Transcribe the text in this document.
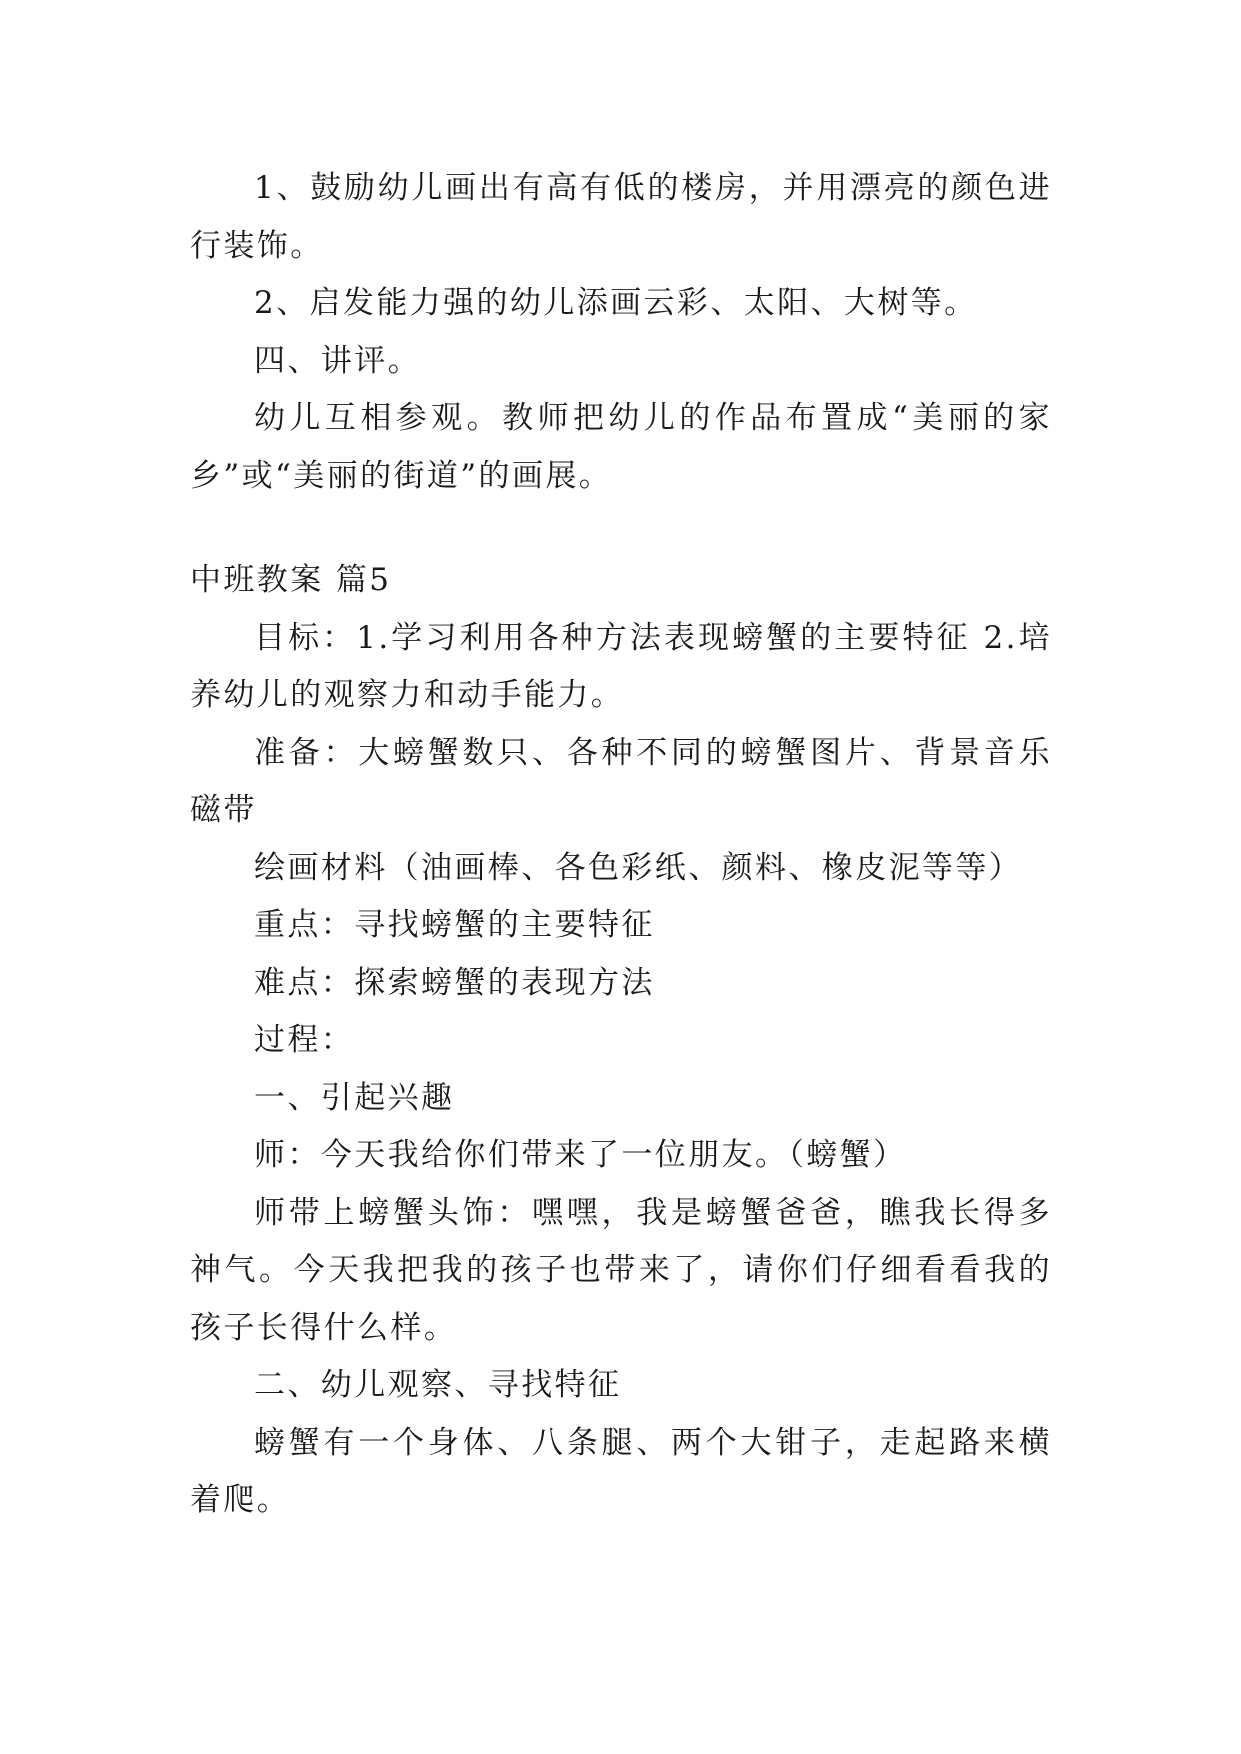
1、鼓励幼儿画出有高有低的楼房，并用漂亮的颜色进行装饰。

2、启发能力强的幼儿添画云彩、太阳、大树等。

四、讲评。

幼儿互相参观。教师把幼儿的作品布置成“美丽的家乡”或“美丽的街道”的画展。

中班教案 篇5

目标：1.学习利用各种方法表现螃蟹的主要特征 2.培养幼儿的观察力和动手能力。

准备：大螃蟹数只、各种不同的螃蟹图片、背景音乐磁带

绘画材料（油画棒、各色彩纸、颜料、橡皮泥等等）

重点：寻找螃蟹的主要特征

难点：探索螃蟹的表现方法

过程：

一、引起兴趣

师：今天我给你们带来了一位朋友。（螃蟹）

师带上螃蟹头饰：嘿嘿，我是螃蟹爸爸，瞧我长得多神气。今天我把我的孩子也带来了，请你们仔细看看我的孩子长得什么样。

二、幼儿观察、寻找特征

螃蟹有一个身体、八条腿、两个大钳子，走起路来横着爬。
